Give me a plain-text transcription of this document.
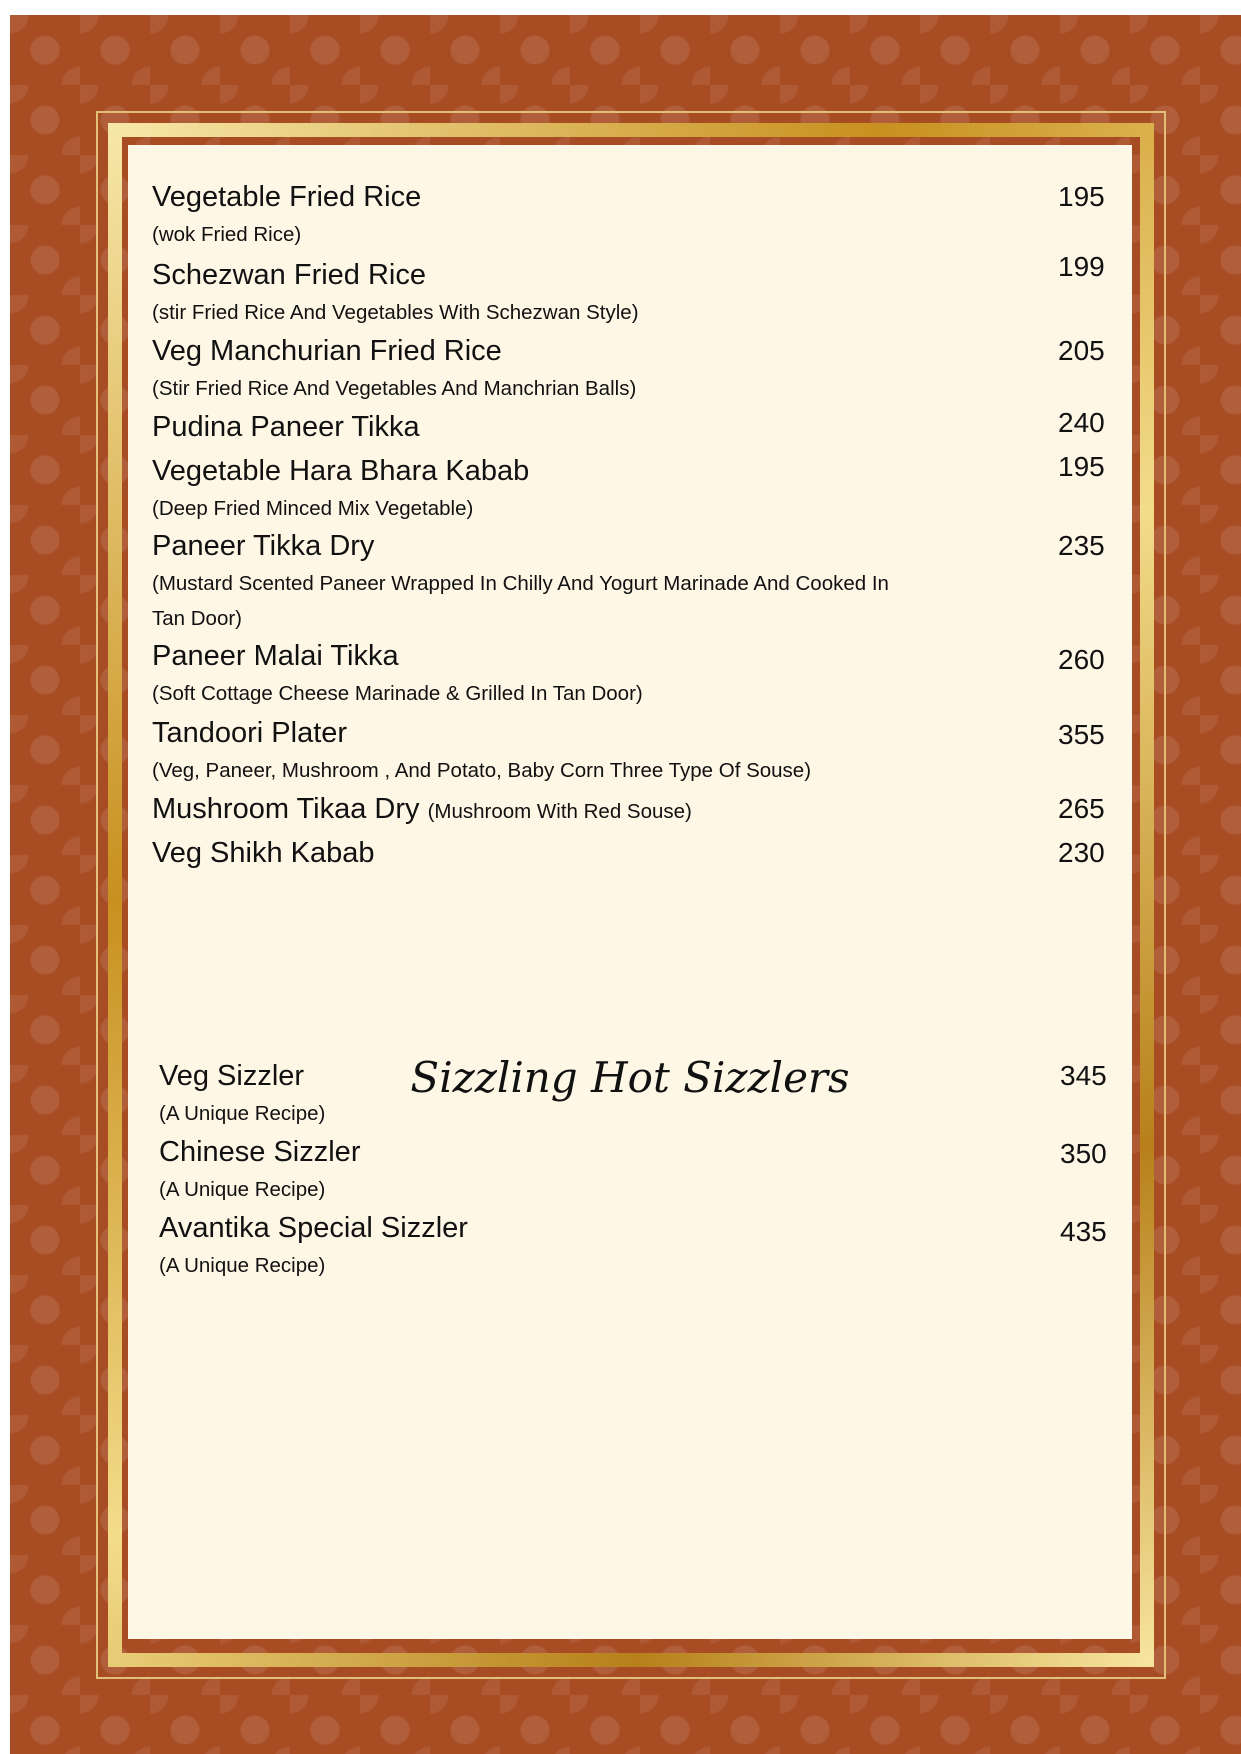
Vegetable Fried Rice	195
(wok Fried Rice)
Schezwan Fried Rice	199
(stir Fried Rice And Vegetables With Schezwan Style)
Veg Manchurian Fried Rice	205
(Stir Fried Rice And Vegetables And Manchrian Balls)
Pudina Paneer Tikka	240
Vegetable Hara Bhara Kabab	195
(Deep Fried Minced Mix Vegetable)
Paneer Tikka Dry	235
(Mustard Scented Paneer Wrapped In Chilly And Yogurt Marinade And Cooked In Tan Door)
Paneer Malai Tikka	260
(Soft Cottage Cheese Marinade & Grilled In Tan Door)
Tandoori Plater	355
(Veg, Paneer, Mushroom , And Potato, Baby Corn Three Type Of Souse)
Mushroom Tikaa Dry (Mushroom With Red Souse)	265
Veg Shikh Kabab	230
Sizzling Hot Sizzlers
Veg Sizzler	345
(A Unique Recipe)
Chinese Sizzler	350
(A Unique Recipe)
Avantika Special Sizzler	435
(A Unique Recipe)
